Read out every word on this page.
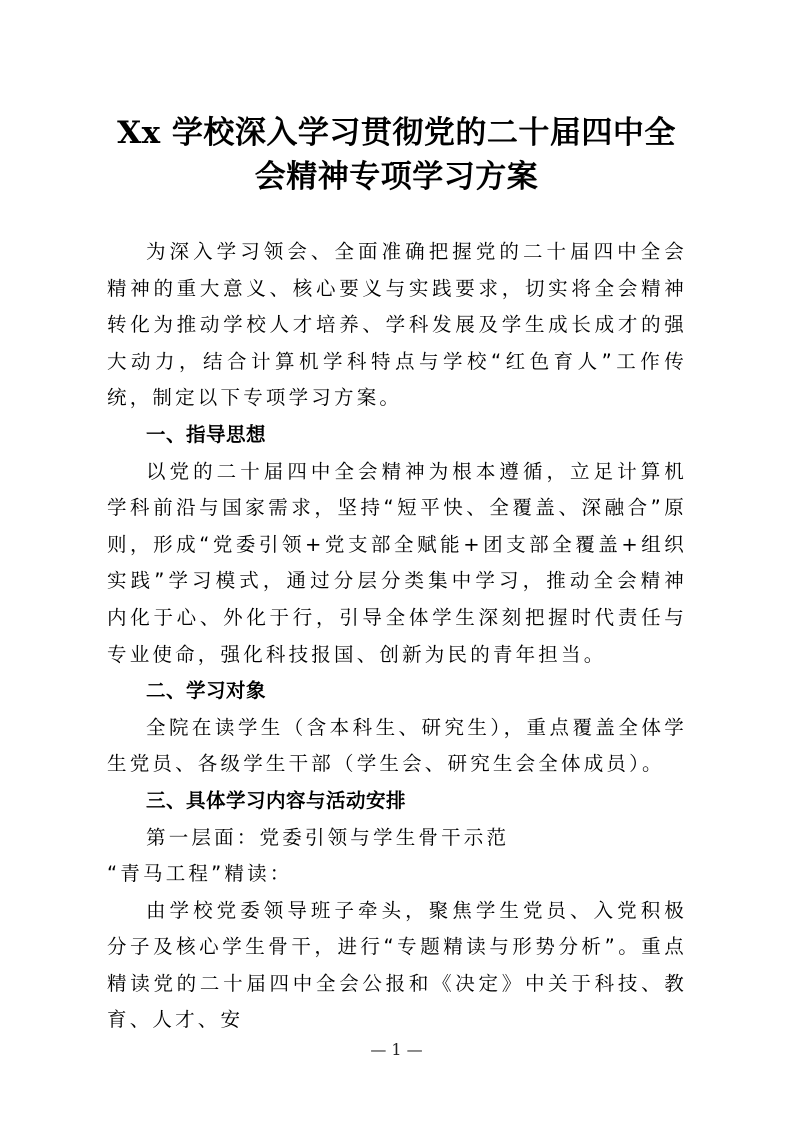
Xx 学校深入学习贯彻党的二十届四中全
会精神专项学习方案

为深入学习领会、全面准确把握党的二十届四中全会精神的重大意义、核心要义与实践要求，切实将全会精神转化为推动学校人才培养、学科发展及学生成长成才的强大动力，结合计算机学科特点与学校“红色育人”工作传统，制定以下专项学习方案。

一、指导思想

以党的二十届四中全会精神为根本遵循，立足计算机学科前沿与国家需求，坚持“短平快、全覆盖、深融合”原则，形成“党委引领+党支部全赋能+团支部全覆盖+组织实践”学习模式，通过分层分类集中学习，推动全会精神内化于心、外化于行，引导全体学生深刻把握时代责任与专业使命，强化科技报国、创新为民的青年担当。

二、学习对象

全院在读学生（含本科生、研究生），重点覆盖全体学生党员、各级学生干部（学生会、研究生会全体成员）。

三、具体学习内容与活动安排

第一层面：党委引领与学生骨干示范

“青马工程”精读：

由学校党委领导班子牵头，聚焦学生党员、入党积极分子及核心学生骨干，进行“专题精读与形势分析”。重点精读党的二十届四中全会公报和《决定》中关于科技、教育、人才、安

— 1 —
